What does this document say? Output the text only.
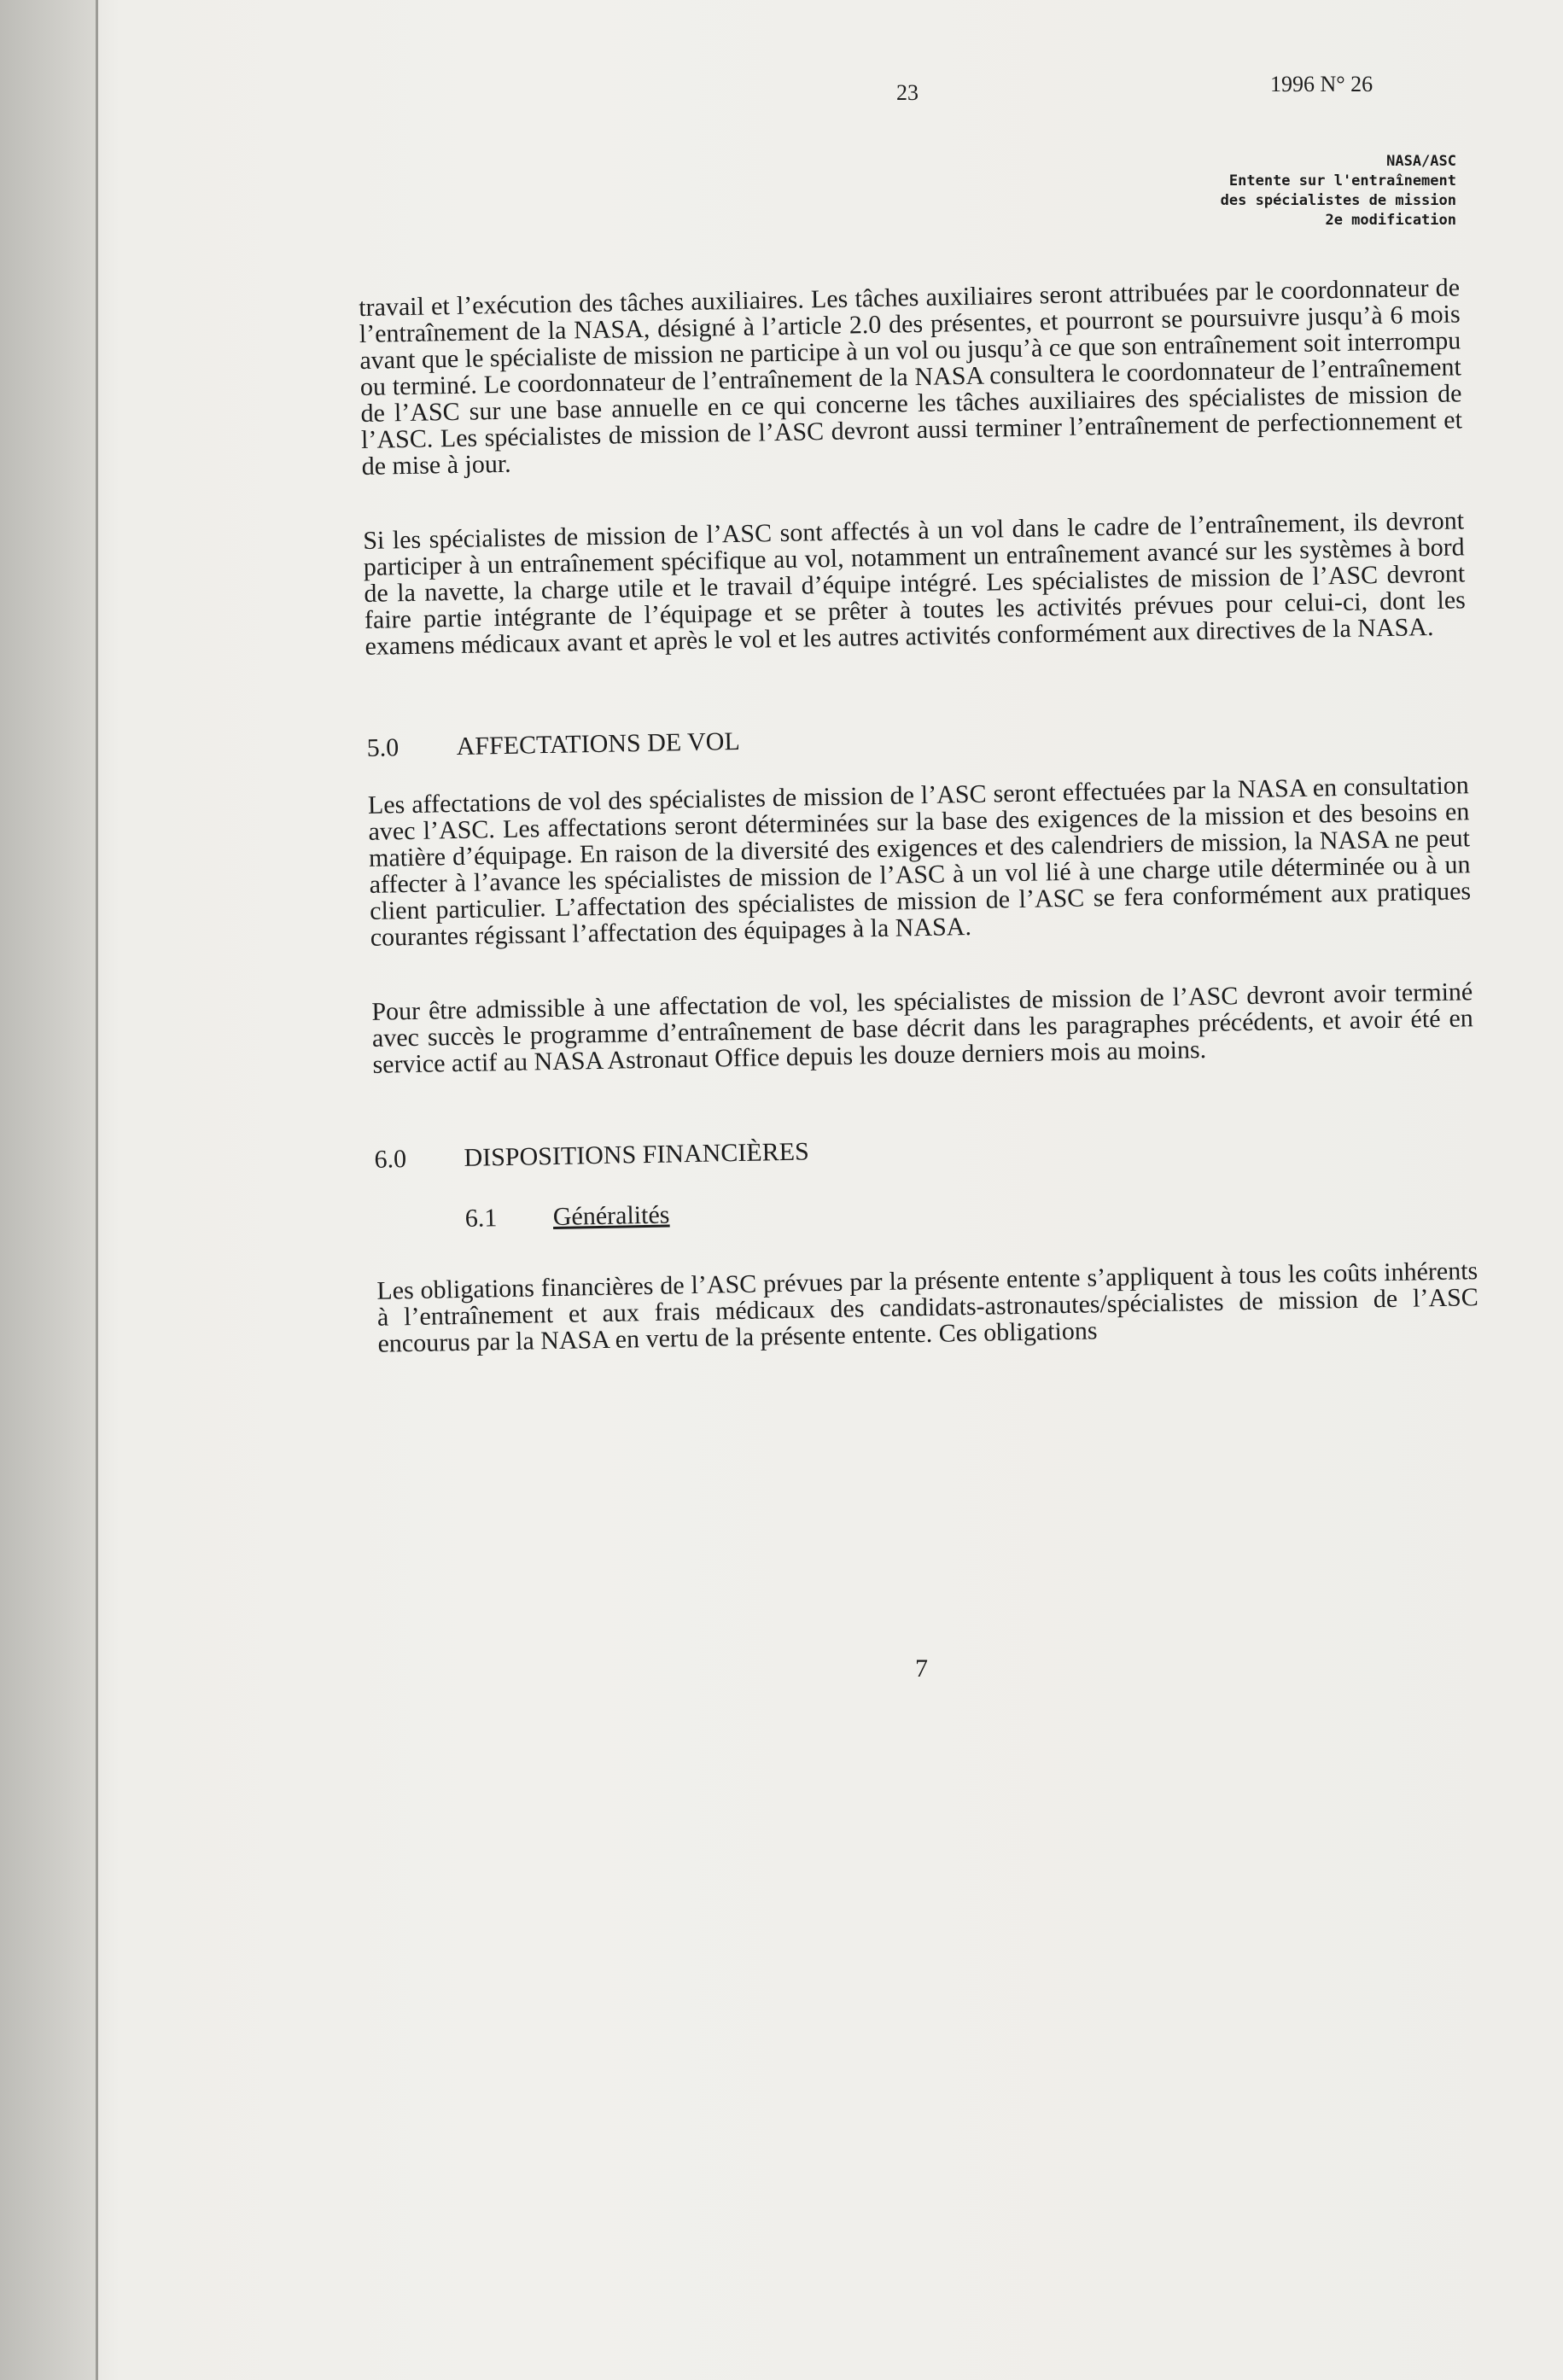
23	1996 N° 26
NASA/ASC
Entente sur l'entraînement
des spécialistes de mission
2e modification

travail et l’exécution des tâches auxiliaires. Les tâches auxiliaires seront attribuées par le coordonnateur de l’entraînement de la NASA, désigné à l’article 2.0 des présentes, et pourront se poursuivre jusqu’à 6 mois avant que le spécialiste de mission ne participe à un vol ou jusqu’à ce que son entraînement soit interrompu ou terminé. Le coordonnateur de l’entraînement de la NASA consultera le coordonnateur de l’entraînement de l’ASC sur une base annuelle en ce qui concerne les tâches auxiliaires des spécialistes de mission de l’ASC. Les spécialistes de mission de l’ASC devront aussi terminer l’entraînement de perfectionnement et de mise à jour.

Si les spécialistes de mission de l’ASC sont affectés à un vol dans le cadre de l’entraînement, ils devront participer à un entraînement spécifique au vol, notamment un entraînement avancé sur les systèmes à bord de la navette, la charge utile et le travail d’équipe intégré. Les spécialistes de mission de l’ASC devront faire partie intégrante de l’équipage et se prêter à toutes les activités prévues pour celui-ci, dont les examens médicaux avant et après le vol et les autres activités conformément aux directives de la NASA.

5.0 AFFECTATIONS DE VOL

Les affectations de vol des spécialistes de mission de l’ASC seront effectuées par la NASA en consultation avec l’ASC. Les affectations seront déterminées sur la base des exigences de la mission et des besoins en matière d’équipage. En raison de la diversité des exigences et des calendriers de mission, la NASA ne peut affecter à l’avance les spécialistes de mission de l’ASC à un vol lié à une charge utile déterminée ou à un client particulier. L’affectation des spécialistes de mission de l’ASC se fera conformément aux pratiques courantes régissant l’affectation des équipages à la NASA.

Pour être admissible à une affectation de vol, les spécialistes de mission de l’ASC devront avoir terminé avec succès le programme d’entraînement de base décrit dans les paragraphes précédents, et avoir été en service actif au NASA Astronaut Office depuis les douze derniers mois au moins.

6.0 DISPOSITIONS FINANCIÈRES
6.1 Généralités

Les obligations financières de l’ASC prévues par la présente entente s’appliquent à tous les coûts inhérents à l’entraînement et aux frais médicaux des candidats-astronautes/spécialistes de mission de l’ASC encourus par la NASA en vertu de la présente entente. Ces obligations

7
